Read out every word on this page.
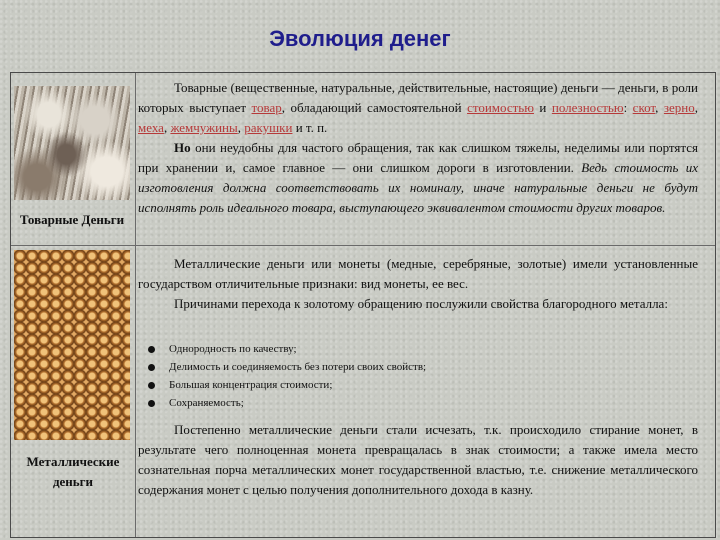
Эволюция денег
Товарные Деньги
Металлические деньги

Товарные (вещественные, натуральные, действительные, настоящие) деньги — деньги, в роли которых выступает товар, обладающий самостоятельной стоимостью и полезностью: скот, зерно, меха, жемчужины, ракушки и т. п.

Но они неудобны для частого обращения, так как слишком тяжелы, неделимы или портятся при хранении и, самое главное — они слишком дороги в изготовлении. Ведь стоимость их изготовления должна соответствовать их номиналу, иначе натуральные деньги не будут исполнять роль идеального товара, выступающего эквивалентом стоимости других товаров.

Металлические деньги или монеты (медные, серебряные, золотые) имели установленные государством отличительные признаки: вид монеты, ее вес.

Причинами перехода к золотому обращению послужили свойства благородного металла:

Однородность по качеству;
Делимость и соединяемость без потери своих свойств;
Большая концентрация стоимости;
Сохраняемость;

Постепенно металлические деньги стали исчезать, т.к. происходило стирание монет, в результате чего полноценная монета превращалась в знак стоимости; а также имела место сознательная порча металлических монет государственной властью, т.е. снижение металлического содержания монет с целью получения дополнительного дохода в казну.
